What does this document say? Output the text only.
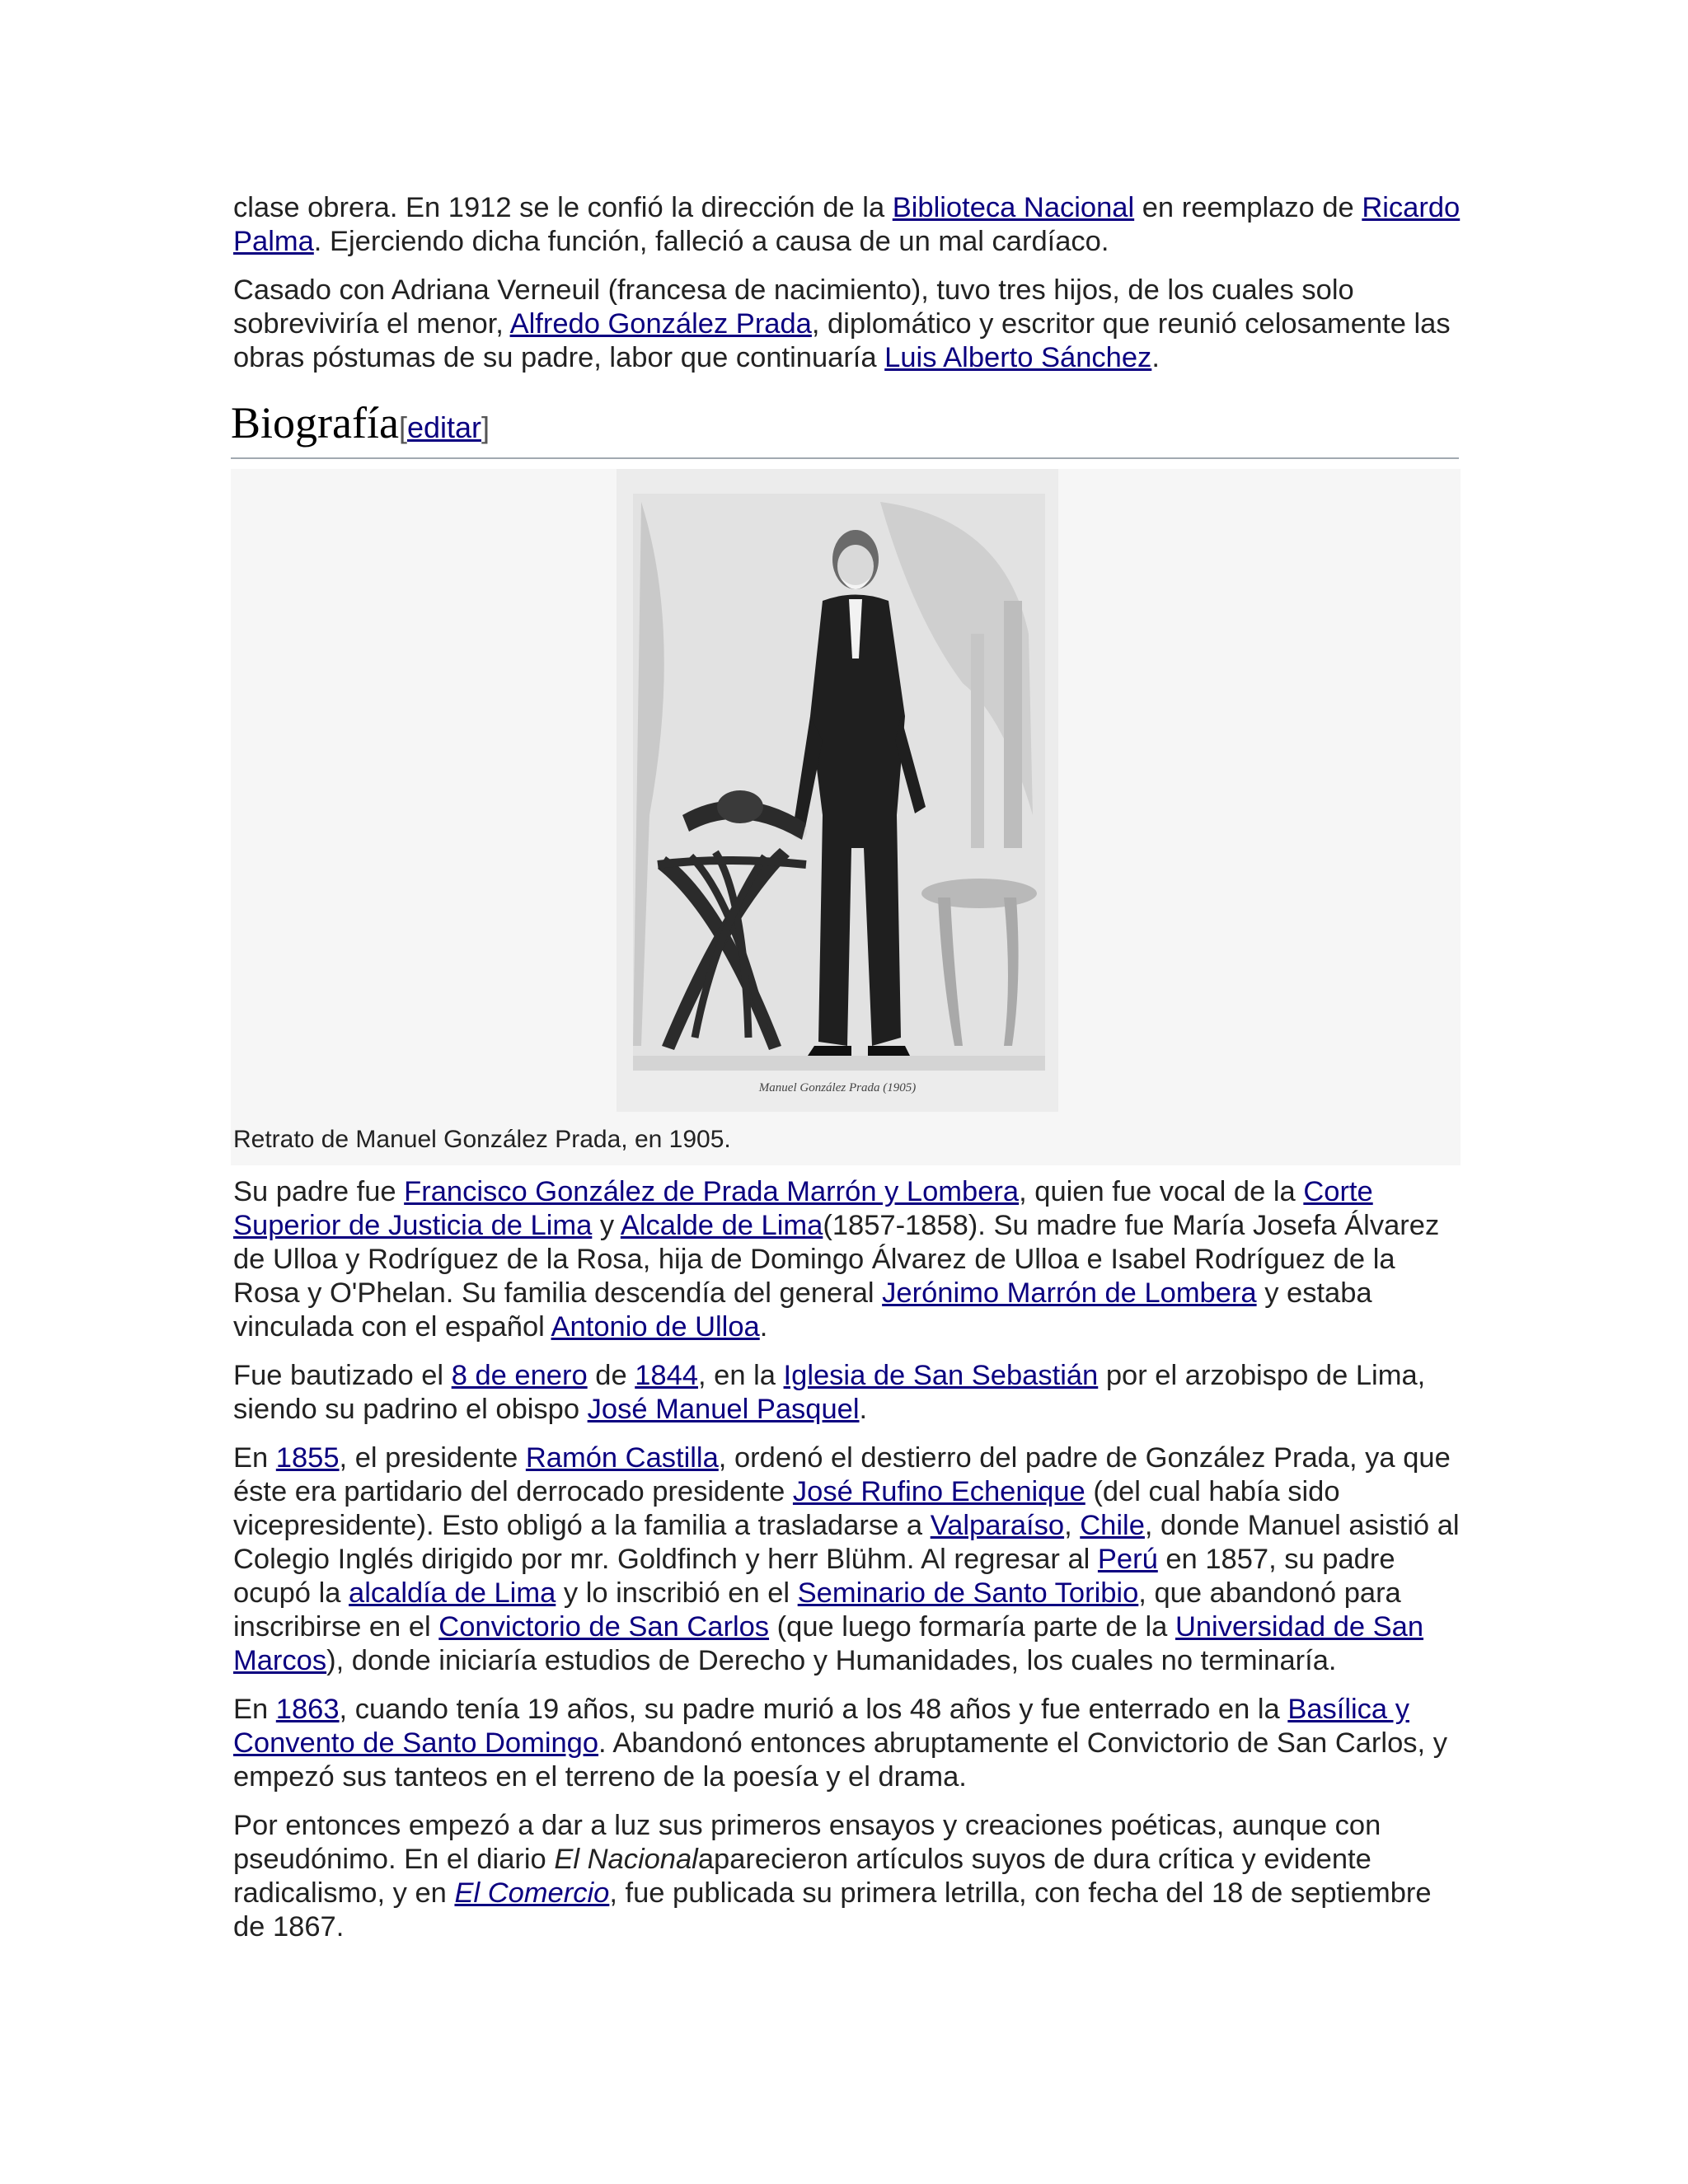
clase obrera. En 1912 se le confió la dirección de la Biblioteca Nacional en reemplazo de Ricardo Palma. Ejerciendo dicha función, falleció a causa de un mal cardíaco.

Casado con Adriana Verneuil (francesa de nacimiento), tuvo tres hijos, de los cuales solo sobreviviría el menor, Alfredo González Prada, diplomático y escritor que reunió celosamente las obras póstumas de su padre, labor que continuaría Luis Alberto Sánchez.

Biografía[editar]
Manuel González Prada (1905)
Retrato de Manuel González Prada, en 1905.

Su padre fue Francisco González de Prada Marrón y Lombera, quien fue vocal de la Corte Superior de Justicia de Lima y Alcalde de Lima(1857-1858). Su madre fue María Josefa Álvarez de Ulloa y Rodríguez de la Rosa, hija de Domingo Álvarez de Ulloa e Isabel Rodríguez de la Rosa y O'Phelan. Su familia descendía del general Jerónimo Marrón de Lombera y estaba vinculada con el español Antonio de Ulloa.

Fue bautizado el 8 de enero de 1844, en la Iglesia de San Sebastián por el arzobispo de Lima, siendo su padrino el obispo José Manuel Pasquel.

En 1855, el presidente Ramón Castilla, ordenó el destierro del padre de González Prada, ya que éste era partidario del derrocado presidente José Rufino Echenique (del cual había sido vicepresidente). Esto obligó a la familia a trasladarse a Valparaíso, Chile, donde Manuel asistió al Colegio Inglés dirigido por mr. Goldfinch y herr Blühm. Al regresar al Perú en 1857, su padre ocupó la alcaldía de Lima y lo inscribió en el Seminario de Santo Toribio, que abandonó para inscribirse en el Convictorio de San Carlos (que luego formaría parte de la Universidad de San Marcos), donde iniciaría estudios de Derecho y Humanidades, los cuales no terminaría.

En 1863, cuando tenía 19 años, su padre murió a los 48 años y fue enterrado en la Basílica y Convento de Santo Domingo. Abandonó entonces abruptamente el Convictorio de San Carlos, y empezó sus tanteos en el terreno de la poesía y el drama.

Por entonces empezó a dar a luz sus primeros ensayos y creaciones poéticas, aunque con pseudónimo. En el diario El Nacionalaparecieron artículos suyos de dura crítica y evidente radicalismo, y en El Comercio, fue publicada su primera letrilla, con fecha del 18 de septiembre de 1867.
